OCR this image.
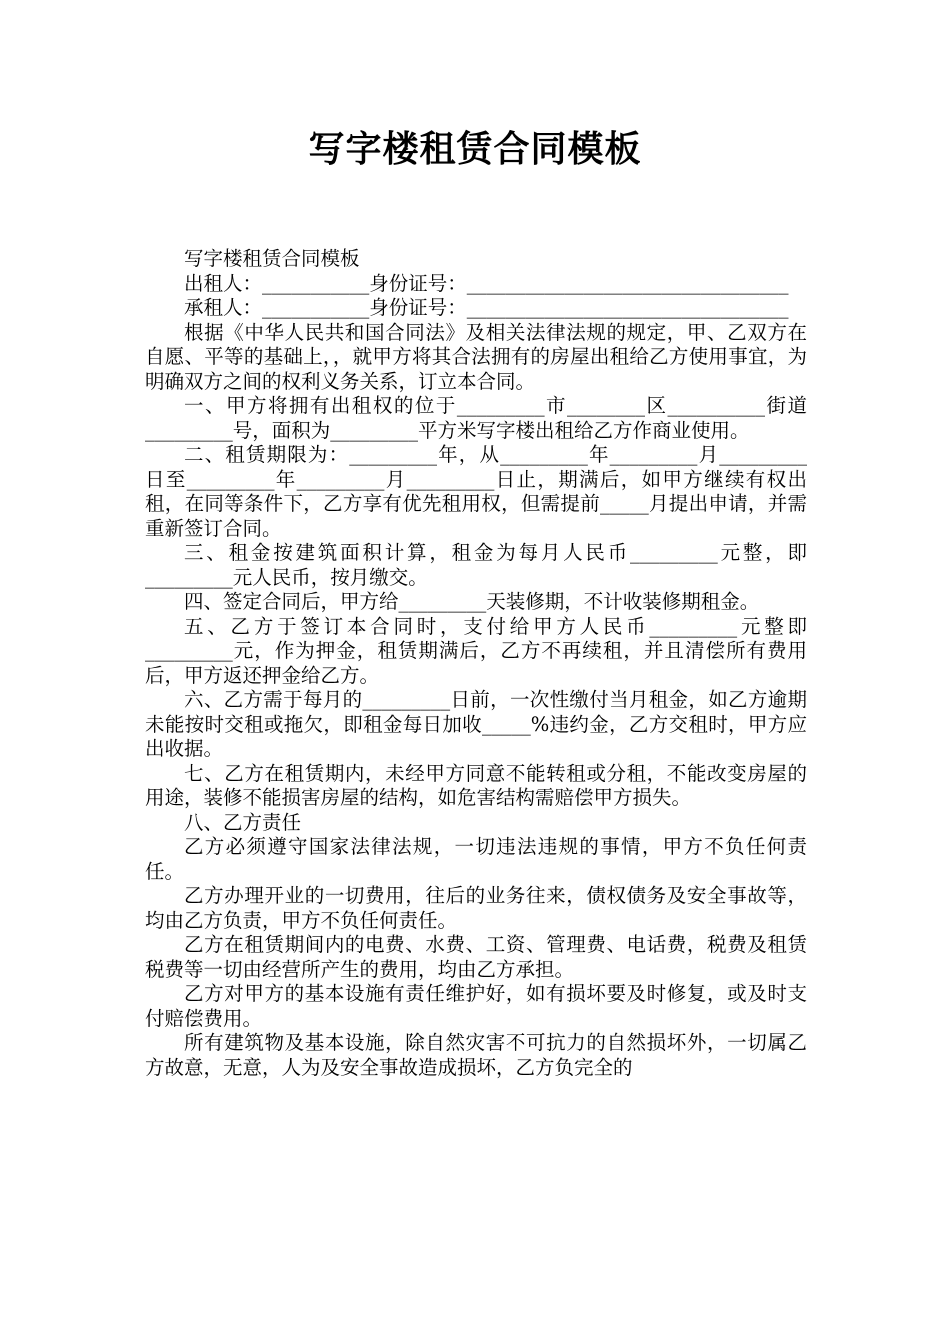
写字楼租赁合同模板

写字楼租赁合同模板

出租人：___________身份证号：_________________________________

承租人：___________身份证号：_________________________________

根据《中华人民共和国合同法》及相关法律法规的规定，甲、乙双方在自愿、平等的基础上，，就甲方将其合法拥有的房屋出租给乙方使用事宜，为明确双方之间的权利义务关系，订立本合同。

一、甲方将拥有出租权的位于_________市________区__________街道_________号，面积为_________平方米写字楼出租给乙方作商业使用。

二、租赁期限为：_________年，从_________年_________月_________日至_________年_________月_________日止，期满后，如甲方继续有权出租，在同等条件下，乙方享有优先租用权，但需提前_____月提出申请，并需重新签订合同。

三、租金按建筑面积计算，租金为每月人民币_________元整，即_________元人民币，按月缴交。

四、签定合同后，甲方给_________天装修期，不计收装修期租金。

五、乙方于签订本合同时，支付给甲方人民币_________元整即_________元，作为押金，租赁期满后，乙方不再续租，并且清偿所有费用后，甲方返还押金给乙方。

六、乙方需于每月的_________日前，一次性缴付当月租金，如乙方逾期未能按时交租或拖欠，即租金每日加收_____%违约金，乙方交租时，甲方应出收据。

七、乙方在租赁期内，未经甲方同意不能转租或分租，不能改变房屋的用途，装修不能损害房屋的结构，如危害结构需赔偿甲方损失。

八、乙方责任

乙方必须遵守国家法律法规，一切违法违规的事情，甲方不负任何责任。

乙方办理开业的一切费用，往后的业务往来，债权债务及安全事故等，均由乙方负责，甲方不负任何责任。

乙方在租赁期间内的电费、水费、工资、管理费、电话费，税费及租赁税费等一切由经营所产生的费用，均由乙方承担。

乙方对甲方的基本设施有责任维护好，如有损坏要及时修复，或及时支付赔偿费用。

所有建筑物及基本设施，除自然灾害不可抗力的自然损坏外，一切属乙方故意，无意，人为及安全事故造成损坏，乙方负完全的
